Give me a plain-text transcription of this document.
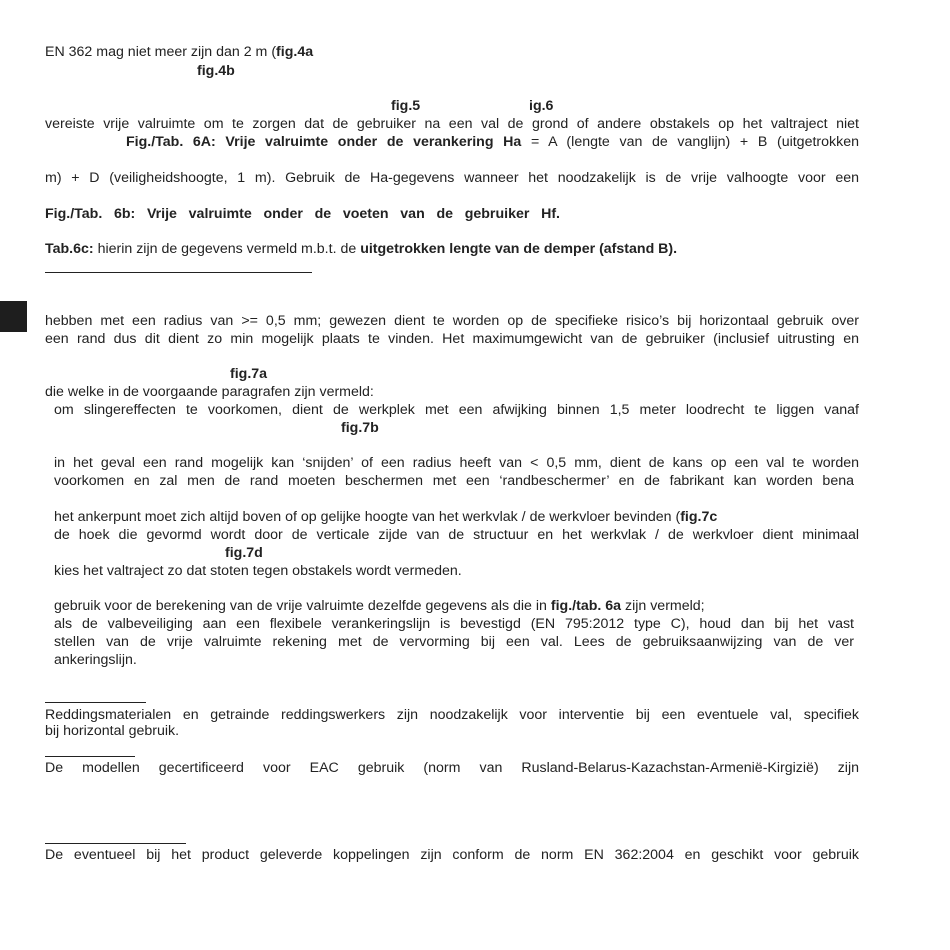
EN 362 mag niet meer zijn dan 2 m (fig.4a
fig.4b
fig.5	ig.6
vereiste vrije valruimte om te zorgen dat de gebruiker na een val de grond of andere obstakels op het valtraject niet
Fig./Tab. 6A: Vrije valruimte onder de verankering Ha = A (lengte van de vanglijn) + B (uitgetrokken
m) + D (veiligheidshoogte, 1 m). Gebruik de Ha-gegevens wanneer het noodzakelijk is de vrije valhoogte voor een
Fig./Tab. 6b: Vrije valruimte onder de voeten van de gebruiker Hf.
Tab.6c: hierin zijn de gegevens vermeld m.b.t. de uitgetrokken lengte van de demper (afstand B).
hebben met een radius van >= 0,5 mm; gewezen dient te worden op de specifieke risico’s bij horizontaal gebruik over
een rand dus dit dient zo min mogelijk plaats te vinden. Het maximumgewicht van de gebruiker (inclusief uitrusting en
fig.7a
die welke in de voorgaande paragrafen zijn vermeld:
om slingereffecten te voorkomen, dient de werkplek met een afwijking binnen 1,5 meter loodrecht te liggen vanaf
fig.7b
in het geval een rand mogelijk kan ‘snijden’ of een radius heeft van < 0,5 mm, dient de kans op een val te worden
voorkomen en zal men de rand moeten beschermen met een ‘randbeschermer’ en de fabrikant kan worden bena
het ankerpunt moet zich altijd boven of op gelijke hoogte van het werkvlak / de werkvloer bevinden (fig.7c
de hoek die gevormd wordt door de verticale zijde van de structuur en het werkvlak / de werkvloer dient minimaal
fig.7d
kies het valtraject zo dat stoten tegen obstakels wordt vermeden.
gebruik voor de berekening van de vrije valruimte dezelfde gegevens als die in fig./tab. 6a zijn vermeld;
als de valbeveiliging aan een flexibele verankeringslijn is bevestigd (EN 795:2012 type C), houd dan bij het vast
stellen van de vrije valruimte rekening met de vervorming bij een val. Lees de gebruiksaanwijzing van de ver
ankeringslijn.
Reddingsmaterialen en getrainde reddingswerkers zijn noodzakelijk voor interventie bij een eventuele val, specifiek
bij horizontal gebruik.
De modellen gecertificeerd voor EAC gebruik (norm van Rusland-Belarus-Kazachstan-Armenië-Kirgizië) zijn
De eventueel bij het product geleverde koppelingen zijn conform de norm EN 362:2004 en geschikt voor gebruik
